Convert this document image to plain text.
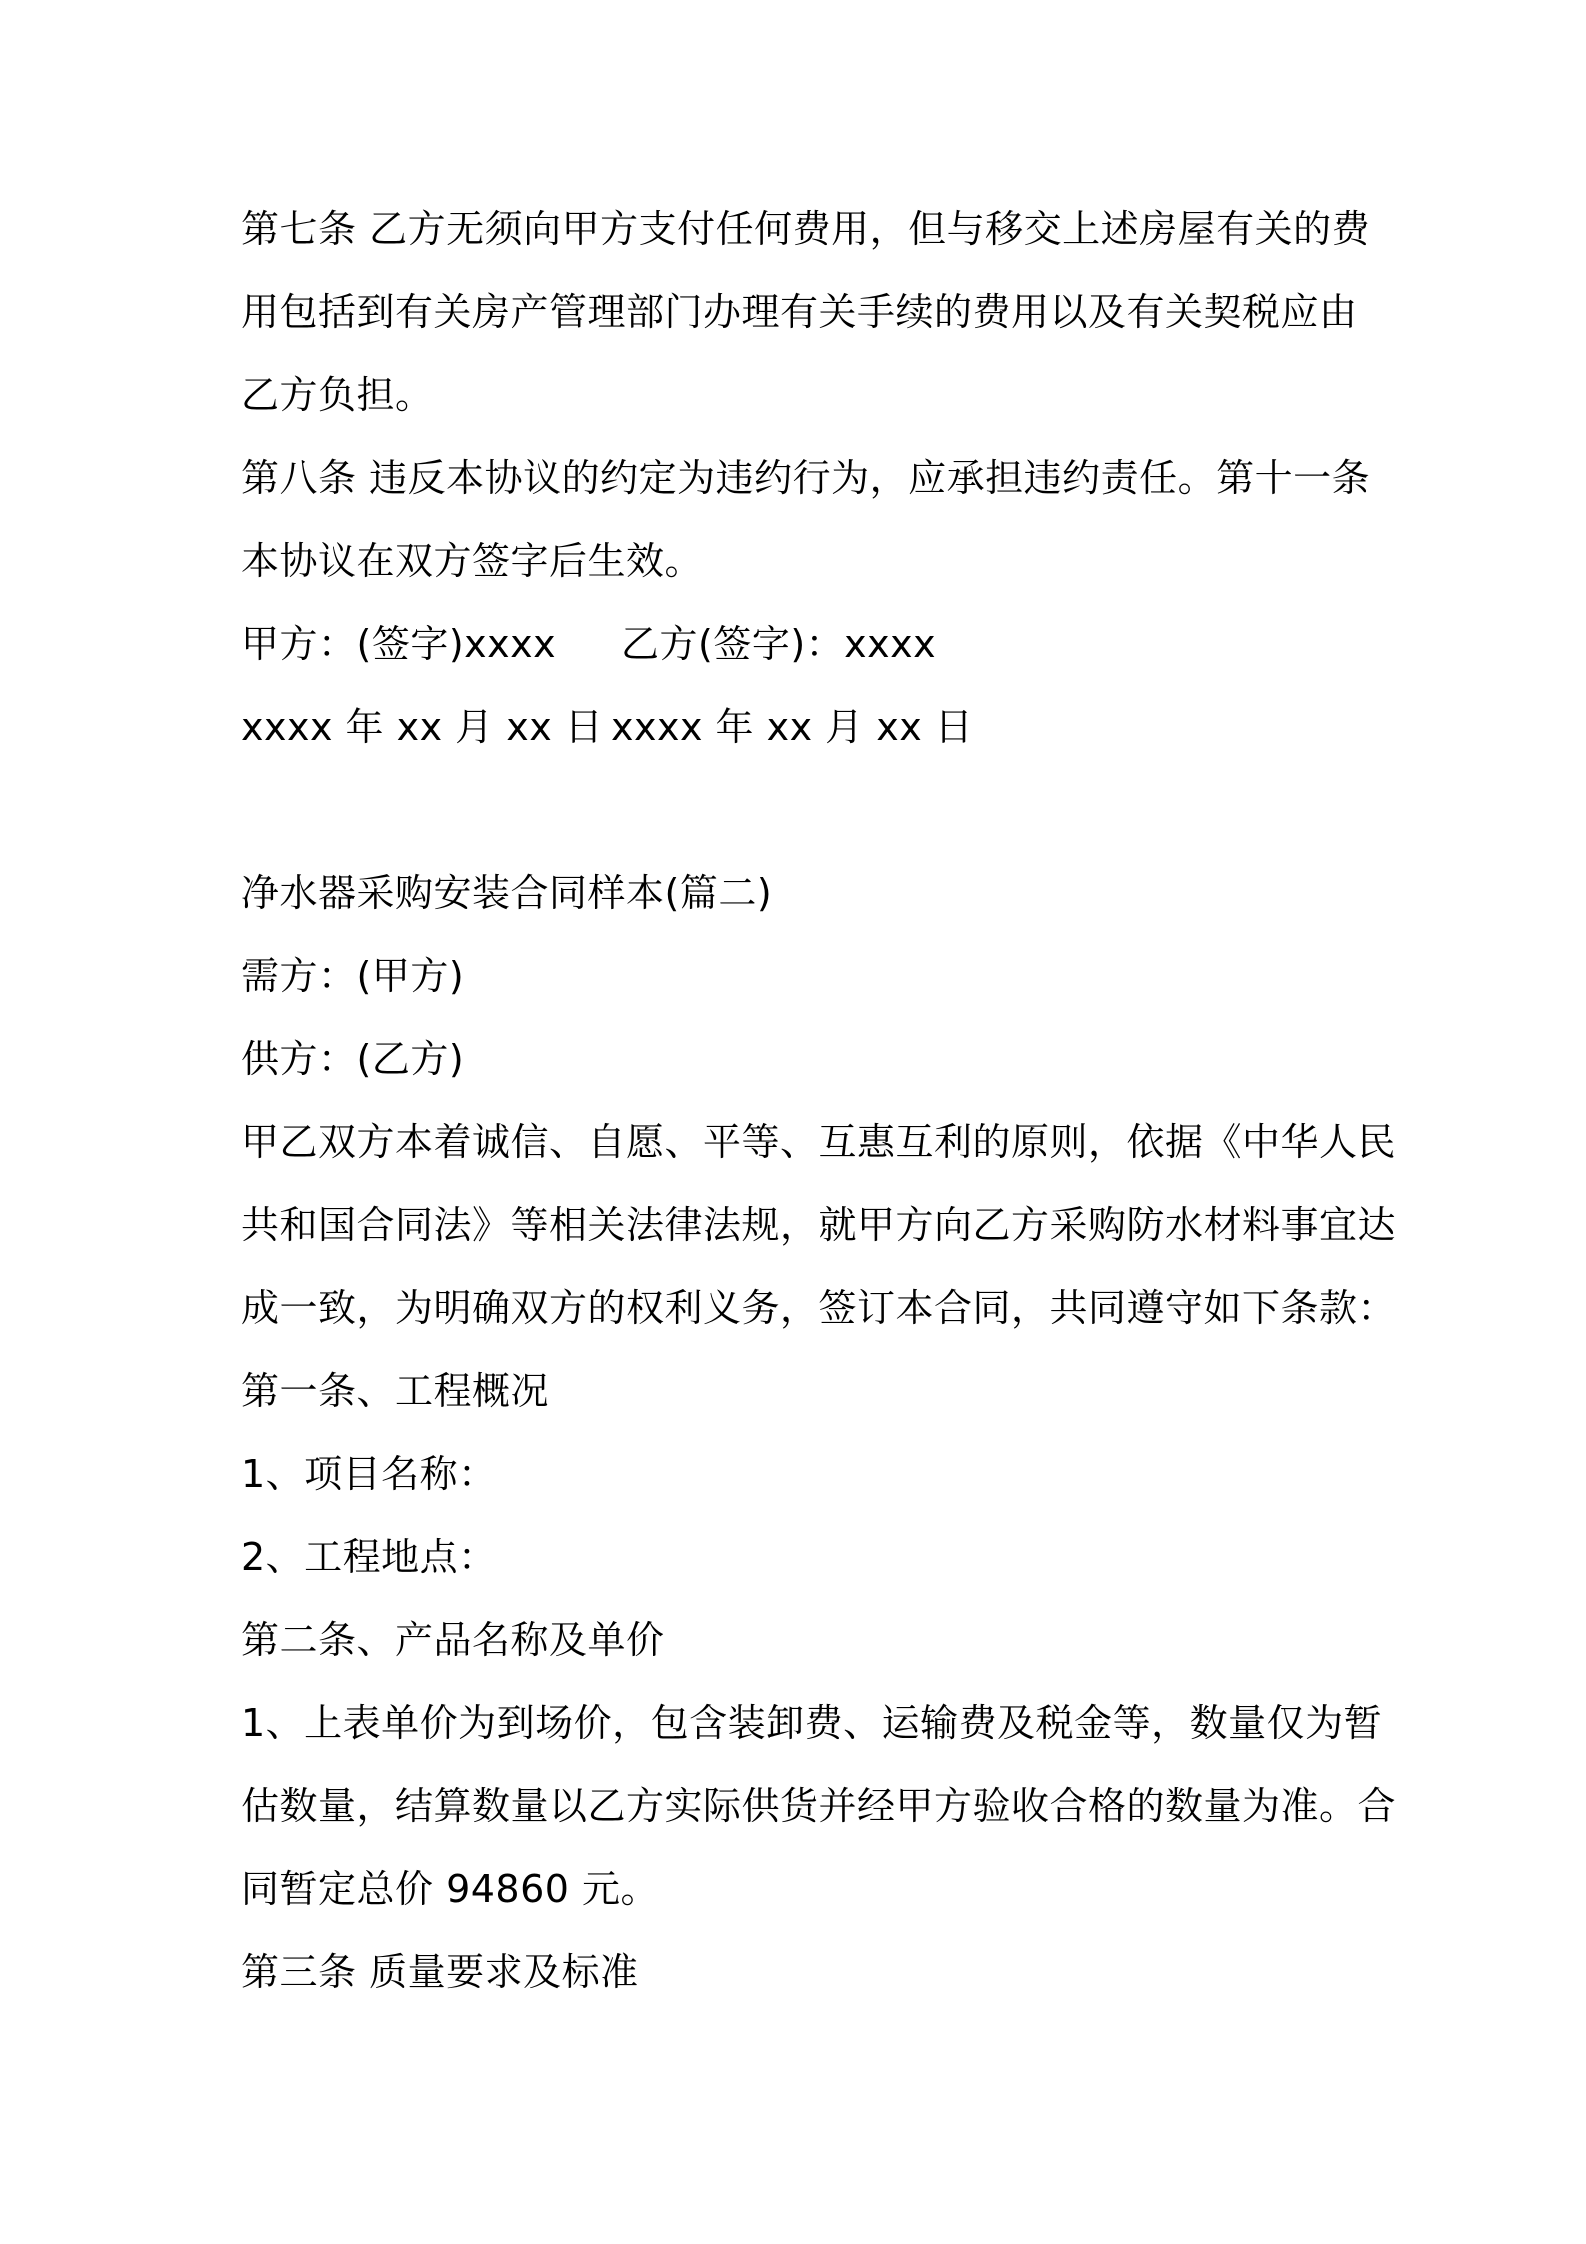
第七条 乙方无须向甲方支付任何费用，但与移交上述房屋有关的费
用包括到有关房产管理部门办理有关手续的费用以及有关契税应由
乙方负担。
第八条 违反本协议的约定为违约行为，应承担违约责任。第十一条
本协议在双方签字后生效。
甲方：(签字)xxxx 乙方(签字)：xxxx
xxxx 年 xx 月 xx 日 xxxx 年 xx 月 xx 日
净水器采购安装合同样本(篇二)
需方：(甲方)
供方：(乙方)
甲乙双方本着诚信、自愿、平等、互惠互利的原则，依据《中华人民
共和国合同法》等相关法律法规，就甲方向乙方采购防水材料事宜达
成一致，为明确双方的权利义务，签订本合同，共同遵守如下条款：
第一条、工程概况
1、项目名称：
2、工程地点：
第二条、产品名称及单价
1、上表单价为到场价，包含装卸费、运输费及税金等，数量仅为暂
估数量，结算数量以乙方实际供货并经甲方验收合格的数量为准。合
同暂定总价 94860 元。
第三条 质量要求及标准
